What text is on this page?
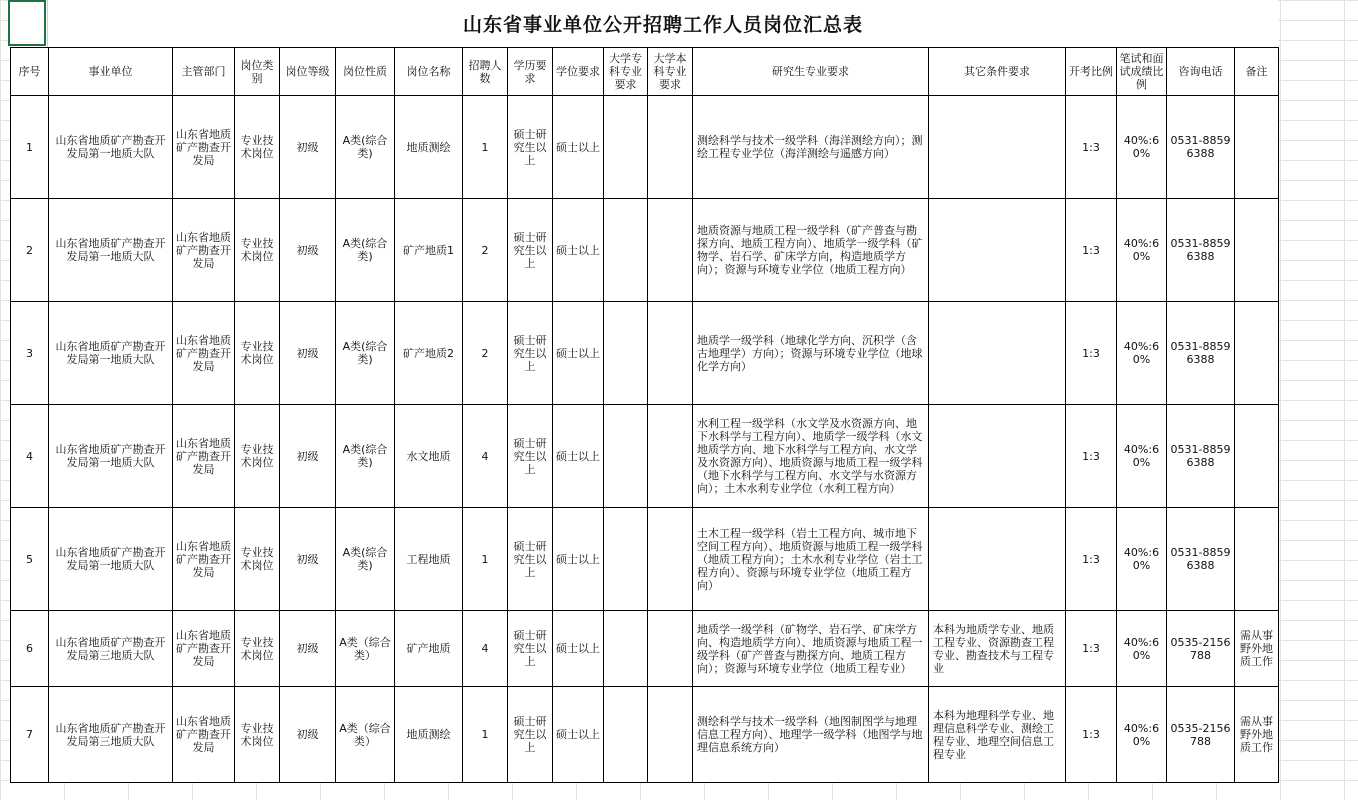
山东省事业单位公开招聘工作人员岗位汇总表
序号	事业单位	主管部门	岗位类别	岗位等级	岗位性质	岗位名称	招聘人数	学历要求	学位要求	大学专科专业要求	大学本科专业要求	研究生专业要求	其它条件要求	开考比例	笔试和面试成绩比例	咨询电话	备注
1	山东省地质矿产勘查开发局第一地质大队	山东省地质矿产勘查开发局	专业技术岗位	初级	A类(综合类)	地质测绘	1	硕士研究生以上	硕士以上			测绘科学与技术一级学科（海洋测绘方向）；测绘工程专业学位（海洋测绘与遥感方向）		1:3	40%:60%	0531-88596388	
2	山东省地质矿产勘查开发局第一地质大队	山东省地质矿产勘查开发局	专业技术岗位	初级	A类(综合类)	矿产地质1	2	硕士研究生以上	硕士以上			地质资源与地质工程一级学科（矿产普查与勘探方向、地质工程方向）、地质学一级学科（矿物学、岩石学、矿床学方向，构造地质学方向）；资源与环境专业学位（地质工程方向）		1:3	40%:60%	0531-88596388	
3	山东省地质矿产勘查开发局第一地质大队	山东省地质矿产勘查开发局	专业技术岗位	初级	A类(综合类)	矿产地质2	2	硕士研究生以上	硕士以上			地质学一级学科（地球化学方向、沉积学（含古地理学）方向）；资源与环境专业学位（地球化学方向）		1:3	40%:60%	0531-88596388	
4	山东省地质矿产勘查开发局第一地质大队	山东省地质矿产勘查开发局	专业技术岗位	初级	A类(综合类)	水文地质	4	硕士研究生以上	硕士以上			水利工程一级学科（水文学及水资源方向、地下水科学与工程方向）、地质学一级学科（水文地质学方向、地下水科学与工程方向、水文学及水资源方向）、地质资源与地质工程一级学科（地下水科学与工程方向、水文学与水资源方向）；土木水利专业学位（水利工程方向）		1:3	40%:60%	0531-88596388	
5	山东省地质矿产勘查开发局第一地质大队	山东省地质矿产勘查开发局	专业技术岗位	初级	A类(综合类)	工程地质	1	硕士研究生以上	硕士以上			土木工程一级学科（岩土工程方向、城市地下空间工程方向）、地质资源与地质工程一级学科（地质工程方向）；土木水利专业学位（岩土工程方向）、资源与环境专业学位（地质工程方向）		1:3	40%:60%	0531-88596388	
6	山东省地质矿产勘查开发局第三地质大队	山东省地质矿产勘查开发局	专业技术岗位	初级	A类（综合类）	矿产地质	4	硕士研究生以上	硕士以上			地质学一级学科（矿物学、岩石学、矿床学方向、构造地质学方向）、地质资源与地质工程一级学科（矿产普查与勘探方向、地质工程方向）；资源与环境专业学位（地质工程专业）	本科为地质学专业、地质工程专业、资源勘查工程专业、勘查技术与工程专业	1:3	40%:60%	0535-2156788	需从事野外地质工作
7	山东省地质矿产勘查开发局第三地质大队	山东省地质矿产勘查开发局	专业技术岗位	初级	A类（综合类）	地质测绘	1	硕士研究生以上	硕士以上			测绘科学与技术一级学科（地图制图学与地理信息工程方向）、地理学一级学科（地图学与地理信息系统方向）	本科为地理科学专业、地理信息科学专业、测绘工程专业、地理空间信息工程专业	1:3	40%:60%	0535-2156788	需从事野外地质工作
